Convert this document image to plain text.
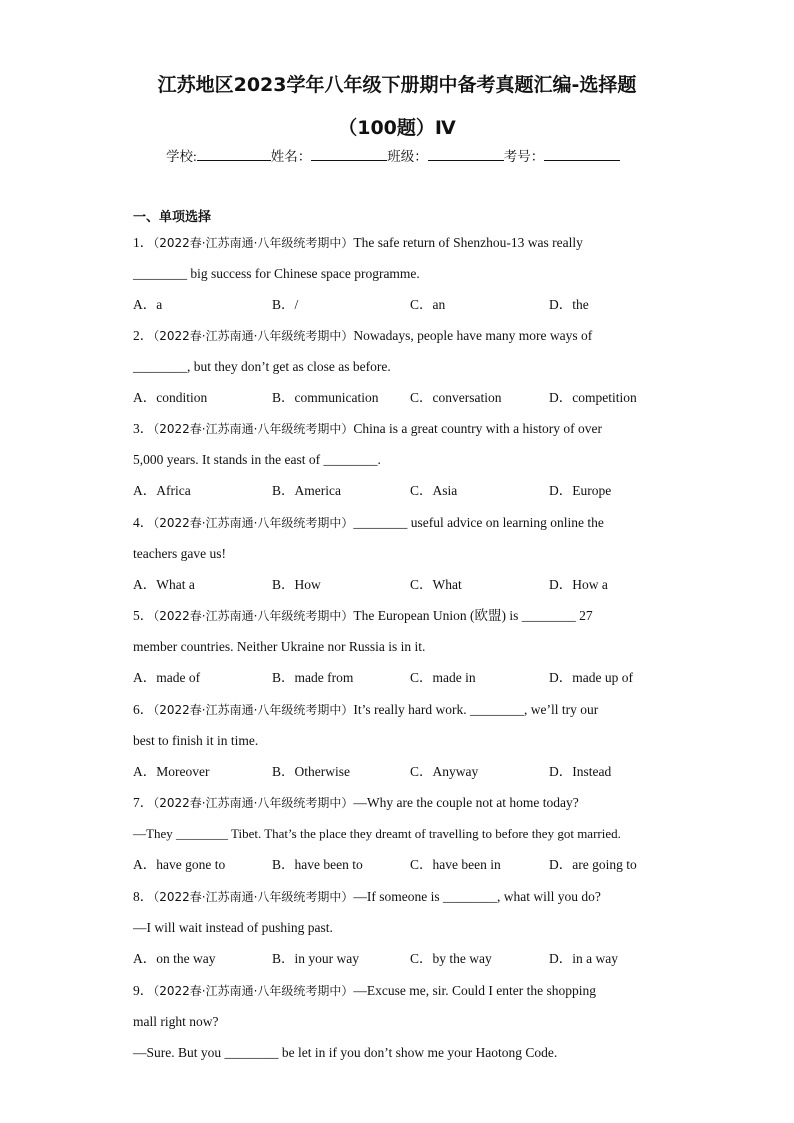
江苏地区2023学年八年级下册期中备考真题汇编-选择题
（100题）Ⅳ
学校:	姓名：	班级：	考号：
一、单项选择
1．（2022春·江苏南通·八年级统考期中）The safe return of Shenzhou-13 was really
________ big success for Chinese space programme.
A．a	B．/	C．an	D．the
2．（2022春·江苏南通·八年级统考期中）Nowadays, people have many more ways of
________, but they don’t get as close as before.
A．condition	B．communication C．conversation	D．competition
3．（2022春·江苏南通·八年级统考期中）China is a great country with a history of over
5,000 years. It stands in the east of ________.
A．Africa	B．America	C．Asia	D．Europe
4．（2022春·江苏南通·八年级统考期中）________ useful advice on learning online the
teachers gave us!
A．What a	B．How	C．What	D．How a
5．（2022春·江苏南通·八年级统考期中）The European Union (欧盟) is ________ 27
member countries. Neither Ukraine nor Russia is in it.
A．made of	B．made from	C．made in	D．made up of
6．（2022春·江苏南通·八年级统考期中）It’s really hard work. ________, we’ll try our
best to finish it in time.
A．Moreover	B．Otherwise	C．Anyway	D．Instead
7．（2022春·江苏南通·八年级统考期中）—Why are the couple not at home today?
—They ________ Tibet. That’s the place they dreamt of travelling to before they got married.
A．have gone to	B．have been to	C．have been in	D．are going to
8．（2022春·江苏南通·八年级统考期中）—If someone is ________, what will you do?
—I will wait instead of pushing past.
A．on the way	B．in your way	C．by the way	D．in a way
9．（2022春·江苏南通·八年级统考期中）—Excuse me, sir. Could I enter the shopping
mall right now?
—Sure. But you ________ be let in if you don’t show me your Haotong Code.
